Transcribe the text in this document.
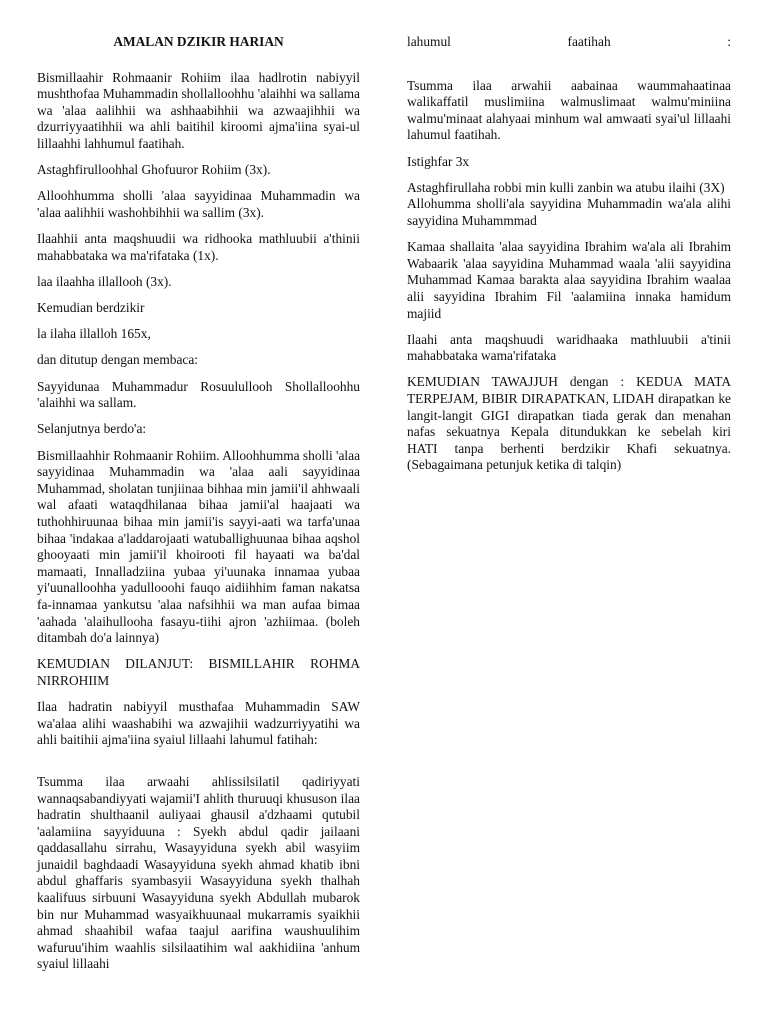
AMALAN DZIKIR HARIAN

Bismillaahir Rohmaanir Rohiim ilaa hadlrotin nabiyyil mushthofaa Muhammadin shollalloohhu 'alaihhi wa sallama wa 'alaa aalihhii wa ashhaabihhii wa azwaajihhii wa dzurriyyaatihhii wa ahli baitihil kiroomi ajma'iina syai-ul lillaahhi lahhumul faatihah.

Astaghfirulloohhal Ghofuuror Rohiim (3x).

Alloohhumma sholli 'alaa sayyidinaa Muhammadin wa 'alaa aalihhii washohbihhii wa sallim (3x).

Ilaahhii anta maqshuudii wa ridhooka mathluubii a'thinii mahabbataka wa ma'rifataka (1x).

laa ilaahha illallooh (3x).

Kemudian berdzikir

la ilaha illalloh 165x,

dan ditutup dengan membaca:

Sayyidunaa Muhammadur Rosuulullooh Shollalloohhu 'alaihhi wa sallam.

Selanjutnya berdo'a:

Bismillaahhir Rohmaanir Rohiim. Alloohhumma sholli 'alaa sayyidinaa Muhammadin wa 'alaa aali sayyidinaa Muhammad, sholatan tunjiinaa bihhaa min jamii'il ahhwaali wal afaati wataqdhilanaa bihaa jamii'al haajaati wa tuthohhiruunaa bihaa min jamii'is sayyi-aati wa tarfa'unaa bihaa 'indakaa a'laddarojaati watuballighuunaa bihaa aqshol ghooyaati min jamii'il khoirooti fil hayaati wa ba'dal mamaati, Innalladziina yubaa yi'uunaka innamaa yubaa yi'uunalloohha yadullooohi fauqo aidiihhim faman nakatsa fa-innamaa yankutsu 'alaa nafsihhii wa man aufaa bimaa 'aahada 'alaihullooha fasayu-tiihi ajron 'azhiimaa. (boleh ditambah do'a lainnya)

KEMUDIAN DILANJUT: BISMILLAHIR ROHMA NIRROHIIM

Ilaa hadratin nabiyyil musthafaa Muhammadin SAW wa'alaa alihi waashabihi wa azwajihii wadzurriyyatihi wa ahli baitihii ajma'iina syaiul lillaahi lahumul fatihah:

Tsumma ilaa arwaahi ahlissilsilatil qadiriyyati wannaqsabandiyyati wajamii'I ahlith thuruuqi khususon ilaa hadratin shulthaanil auliyaai ghausil a'dzhaami qutubil 'aalamiina sayyiduuna : Syekh abdul qadir jailaani qaddasallahu sirrahu, Wasayyiduna syekh abil wasyiim junaidil baghdaadi Wasayyiduna syekh ahmad khatib ibni abdul ghaffaris syambasyii Wasayyiduna syekh thalhah kaalifuus sirbuuni Wasayyiduna syekh Abdullah mubarok bin nur Muhammad wasyaikhuunaal mukarramis syaikhii ahmad shaahibil wafaa taajul aarifina waushuulihim wafuruu'ihim waahlis silsilaatihim wal aakhidiina 'anhum syaiul lillaahi

lahumul faatihah :

Tsumma ilaa arwahii aabainaa waummahaatinaa walikaffatil muslimiina walmuslimaat walmu'miniina walmu'minaat alahyaai minhum wal amwaati syai'ul lillaahi lahumul faatihah.

Istighfar 3x

Astaghfirullaha robbi min kulli zanbin wa atubu ilaihi (3X)

Allohumma sholli'ala sayyidina Muhammadin wa'ala alihi sayyidina Muhammmad

Kamaa shallaita 'alaa sayyidina Ibrahim wa'ala ali Ibrahim Wabaarik 'alaa sayyidina Muhammad waala 'alii sayyidina Muhammad Kamaa barakta alaa sayyidina Ibrahim waalaa alii sayyidina Ibrahim Fil 'aalamiina innaka hamidum majiid

Ilaahi anta maqshuudi waridhaaka mathluubii a'tinii mahabbataka wama'rifataka

KEMUDIAN TAWAJJUH dengan : KEDUA MATA TERPEJAM, BIBIR DIRAPATKAN, LIDAH dirapatkan ke langit-langit GIGI dirapatkan tiada gerak dan menahan nafas sekuatnya Kepala ditundukkan ke sebelah kiri

HATI tanpa berhenti berdzikir Khafi sekuatnya. (Sebagaimana petunjuk ketika di talqin)
